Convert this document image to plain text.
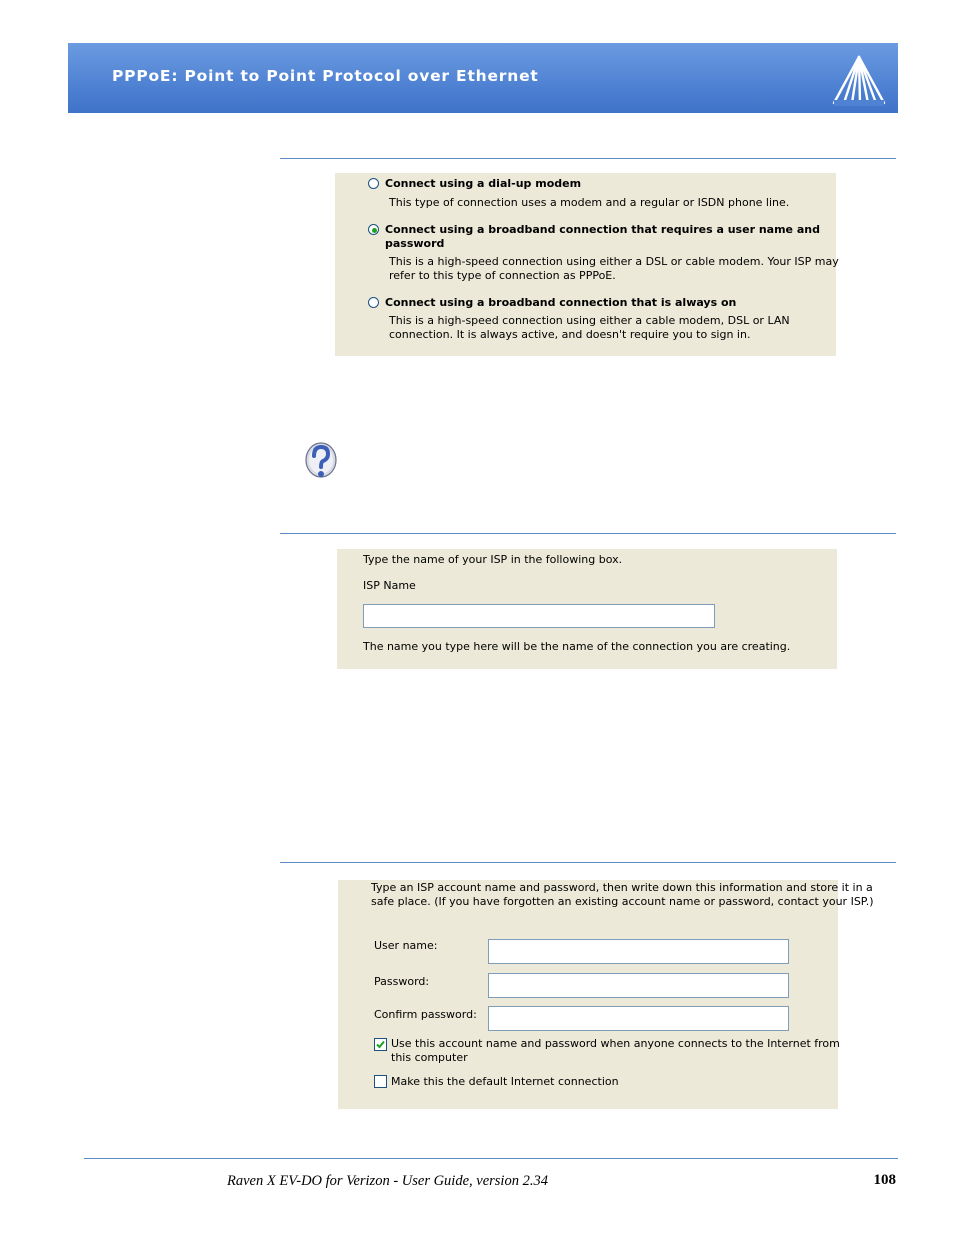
PPPoE: Point to Point Protocol over Ethernet
Connect using a dial-up modem
This type of connection uses a modem and a regular or ISDN phone line.
Connect using a broadband connection that requires a user name and
password
This is a high-speed connection using either a DSL or cable modem. Your ISP may
refer to this type of connection as PPPoE.
Connect using a broadband connection that is always on
This is a high-speed connection using either a cable modem, DSL or LAN
connection. It is always active, and doesn't require you to sign in.
Type the name of your ISP in the following box.
ISP Name
The name you type here will be the name of the connection you are creating.
Type an ISP account name and password, then write down this information and store it in a
safe place. (If you have forgotten an existing account name or password, contact your ISP.)
User name:
Password:
Confirm password:
Use this account name and password when anyone connects to the Internet from
this computer
Make this the default Internet connection
Raven X EV-DO for Verizon - User Guide, version 2.34	108
